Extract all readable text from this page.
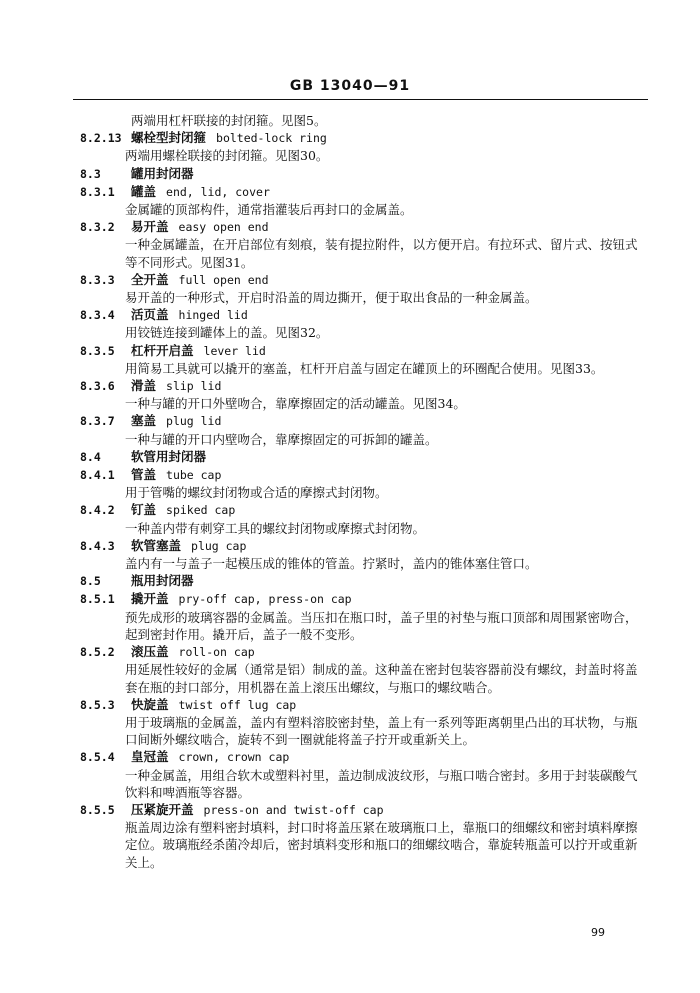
GB 13040—91
两端用杠杆联接的封闭箍。见图5。
8.2.13 螺栓型封闭箍 bolted-lock ring
两端用螺栓联接的封闭箍。见图30。
8.3 罐用封闭器
8.3.1 罐盖 end, lid, cover
金属罐的顶部构件，通常指灌装后再封口的金属盖。
8.3.2 易开盖 easy open end
一种金属罐盖，在开启部位有刻痕，装有提拉附件，以方便开启。有拉环式、留片式、按钮式
等不同形式。见图31。
8.3.3 全开盖 full open end
易开盖的一种形式，开启时沿盖的周边撕开，便于取出食品的一种金属盖。
8.3.4 活页盖 hinged lid
用铰链连接到罐体上的盖。见图32。
8.3.5 杠杆开启盖 lever lid
用简易工具就可以撬开的塞盖，杠杆开启盖与固定在罐顶上的环圈配合使用。见图33。
8.3.6 滑盖 slip lid
一种与罐的开口外壁吻合，靠摩擦固定的活动罐盖。见图34。
8.3.7 塞盖 plug lid
一种与罐的开口内壁吻合，靠摩擦固定的可拆卸的罐盖。
8.4 软管用封闭器
8.4.1 管盖 tube cap
用于管嘴的螺纹封闭物或合适的摩擦式封闭物。
8.4.2 钉盖 spiked cap
一种盖内带有刺穿工具的螺纹封闭物或摩擦式封闭物。
8.4.3 软管塞盖 plug cap
盖内有一与盖子一起模压成的锥体的管盖。拧紧时，盖内的锥体塞住管口。
8.5 瓶用封闭器
8.5.1 撬开盖 pry-off cap, press-on cap
预先成形的玻璃容器的金属盖。当压扣在瓶口时，盖子里的衬垫与瓶口顶部和周围紧密吻合，
起到密封作用。撬开后，盖子一般不变形。
8.5.2 滚压盖 roll-on cap
用延展性较好的金属（通常是铝）制成的盖。这种盖在密封包装容器前没有螺纹，封盖时将盖
套在瓶的封口部分，用机器在盖上滚压出螺纹，与瓶口的螺纹啮合。
8.5.3 快旋盖 twist off lug cap
用于玻璃瓶的金属盖，盖内有塑料溶胶密封垫，盖上有一系列等距离朝里凸出的耳状物，与瓶
口间断外螺纹啮合，旋转不到一圈就能将盖子拧开或重新关上。
8.5.4 皇冠盖 crown, crown cap
一种金属盖，用组合软木或塑料衬里，盖边制成波纹形，与瓶口啮合密封。多用于封装碳酸气
饮料和啤酒瓶等容器。
8.5.5 压紧旋开盖 press-on and twist-off cap
瓶盖周边涂有塑料密封填料，封口时将盖压紧在玻璃瓶口上，靠瓶口的细螺纹和密封填料摩擦
定位。玻璃瓶经杀菌冷却后，密封填料变形和瓶口的细螺纹啮合，靠旋转瓶盖可以拧开或重新
关上。
99
